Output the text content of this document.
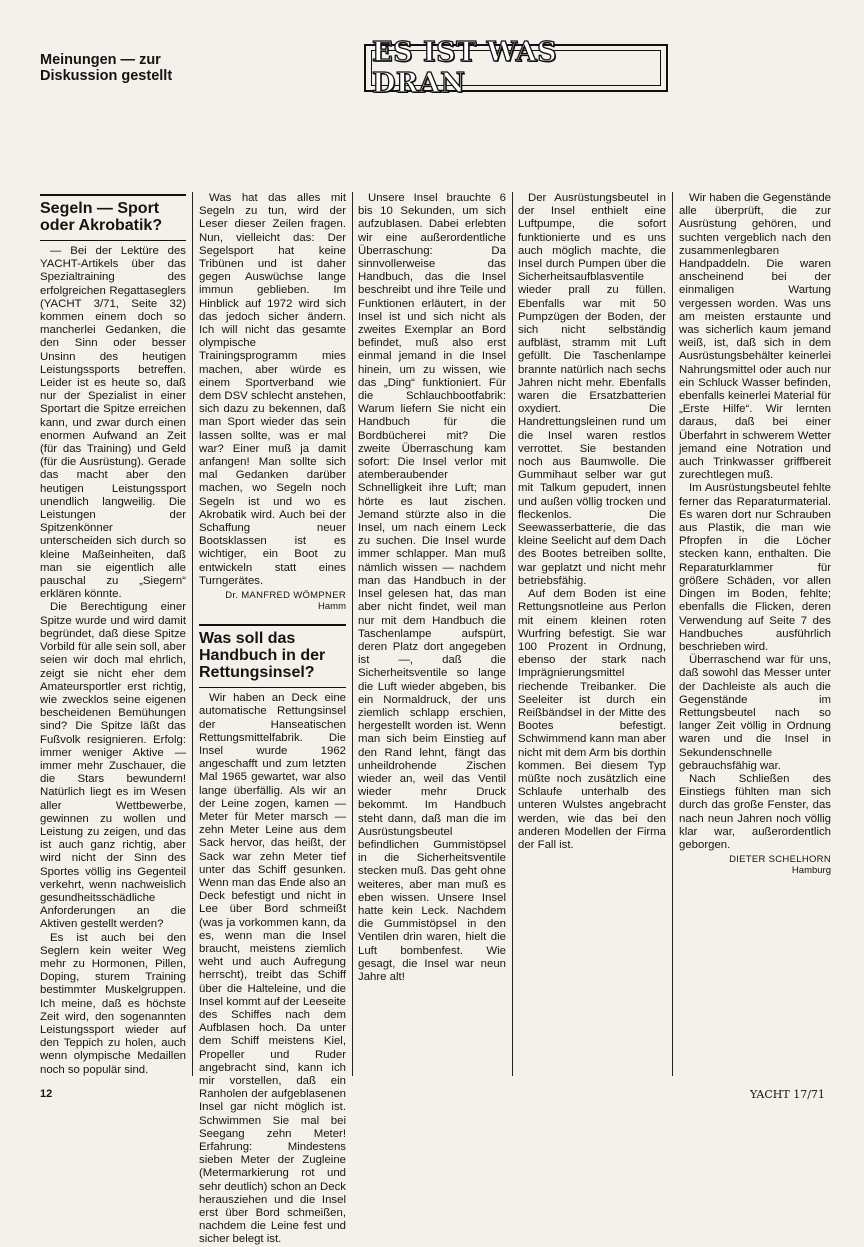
Meinungen — zur
Diskussion gestellt
ES IST WAS DRAN
Segeln — Sport
oder Akrobatik?

— Bei der Lektüre des YACHT-Artikels über das Spezialtraining des erfolgreichen Regattaseglers (YACHT 3/71, Seite 32) kommen einem doch so mancherlei Gedanken, die den Sinn oder besser Unsinn des heutigen Leistungssports betreffen. Leider ist es heute so, daß nur der Spezialist in einer Sportart die Spitze erreichen kann, und zwar durch einen enormen Aufwand an Zeit (für das Training) und Geld (für die Ausrüstung). Gerade das macht aber den heutigen Leistungssport unendlich langweilig. Die Leistungen der Spitzenkönner unterscheiden sich durch so kleine Maßeinheiten, daß man sie eigentlich alle pauschal zu „Siegern“ erklären könnte.

Die Berechtigung einer Spitze wurde und wird damit begründet, daß diese Spitze Vorbild für alle sein soll, aber seien wir doch mal ehrlich, zeigt sie nicht eher dem Amateursportler erst richtig, wie zwecklos seine eigenen bescheidenen Bemühungen sind? Die Spitze läßt das Fußvolk resignieren. Erfolg: immer weniger Aktive — immer mehr Zuschauer, die die Stars bewundern! Natürlich liegt es im Wesen aller Wettbewerbe, gewinnen zu wollen und Leistung zu zeigen, und das ist auch ganz richtig, aber wird nicht der Sinn des Sportes völlig ins Gegenteil verkehrt, wenn nachweislich gesundheitsschädliche Anforderungen an die Aktiven gestellt werden?

Es ist auch bei den Seglern kein weiter Weg mehr zu Hormonen, Pillen, Doping, sturem Training bestimmter Muskelgruppen. Ich meine, daß es höchste Zeit wird, den sogenannten Leistungssport wieder auf den Teppich zu holen, auch wenn olympische Medaillen noch so populär sind.

Was hat das alles mit Segeln zu tun, wird der Leser dieser Zeilen fragen. Nun, vielleicht das: Der Segelsport hat keine Tribünen und ist daher gegen Auswüchse lange immun geblieben. Im Hinblick auf 1972 wird sich das jedoch sicher ändern. Ich will nicht das gesamte olympische Trainingsprogramm mies machen, aber würde es einem Sportverband wie dem DSV schlecht anstehen, sich dazu zu bekennen, daß man Sport wieder das sein lassen sollte, was er mal war? Einer muß ja damit anfangen! Man sollte sich mal Gedanken darüber machen, wo Segeln noch Segeln ist und wo es Akrobatik wird. Auch bei der Schaffung neuer Bootsklassen ist es wichtiger, ein Boot zu entwickeln statt eines Turngerätes.

Dr. MANFRED WÖMPNER
Hamm
Was soll das
Handbuch in der
Rettungsinsel?

Wir haben an Deck eine automatische Rettungsinsel der Hanseatischen Rettungsmittelfabrik. Die Insel wurde 1962 angeschafft und zum letzten Mal 1965 gewartet, war also lange überfällig. Als wir an der Leine zogen, kamen — Meter für Meter marsch — zehn Meter Leine aus dem Sack hervor, das heißt, der Sack war zehn Meter tief unter das Schiff gesunken. Wenn man das Ende also an Deck befestigt und nicht in Lee über Bord schmeißt (was ja vorkommen kann, da es, wenn man die Insel braucht, meistens ziemlich weht und auch Aufregung herrscht), treibt das Schiff über die Halteleine, und die Insel kommt auf der Leeseite des Schiffes nach dem Aufblasen hoch. Da unter dem Schiff meistens Kiel, Propeller und Ruder angebracht sind, kann ich mir vorstellen, daß ein Ranholen der aufgeblasenen Insel gar nicht möglich ist. Schwimmen Sie mal bei Seegang zehn Meter! Erfahrung: Mindestens sieben Meter der Zugleine (Metermarkierung rot und sehr deutlich) schon an Deck herausziehen und die Insel erst über Bord schmeißen, nachdem die Leine fest und sicher belegt ist.

Unsere Insel brauchte 6 bis 10 Sekunden, um sich aufzublasen. Dabei erlebten wir eine außerordentliche Überraschung: Da sinnvollerweise das Handbuch, das die Insel beschreibt und ihre Teile und Funktionen erläutert, in der Insel ist und sich nicht als zweites Exemplar an Bord befindet, muß also erst einmal jemand in die Insel hinein, um zu wissen, wie das „Ding“ funktioniert. Für die Schlauchbootfabrik: Warum liefern Sie nicht ein Handbuch für die Bordbücherei mit? Die zweite Überraschung kam sofort: Die Insel verlor mit atemberaubender Schnelligkeit ihre Luft; man hörte es laut zischen. Jemand stürzte also in die Insel, um nach einem Leck zu suchen. Die Insel wurde immer schlapper. Man muß nämlich wissen — nachdem man das Handbuch in der Insel gelesen hat, das man aber nicht findet, weil man nur mit dem Handbuch die Taschenlampe aufspürt, deren Platz dort angegeben ist —, daß die Sicherheitsventile so lange die Luft wieder abgeben, bis ein Normaldruck, der uns ziemlich schlapp erschien, hergestellt worden ist. Wenn man sich beim Einstieg auf den Rand lehnt, fängt das unheildrohende Zischen wieder an, weil das Ventil wieder mehr Druck bekommt. Im Handbuch steht dann, daß man die im Ausrüstungsbeutel befindlichen Gummistöpsel in die Sicherheitsventile stecken muß. Das geht ohne weiteres, aber man muß es eben wissen. Unsere Insel hatte kein Leck. Nachdem die Gummistöpsel in den Ventilen drin waren, hielt die Luft bombenfest. Wie gesagt, die Insel war neun Jahre alt!

Der Ausrüstungsbeutel in der Insel enthielt eine Luftpumpe, die sofort funktionierte und es uns auch möglich machte, die Insel durch Pumpen über die Sicherheitsaufblasventile wieder prall zu füllen. Ebenfalls war mit 50 Pumpzügen der Boden, der sich nicht selbständig aufbläst, stramm mit Luft gefüllt. Die Taschenlampe brannte natürlich nach sechs Jahren nicht mehr. Ebenfalls waren die Ersatzbatterien oxydiert. Die Handrettungsleinen rund um die Insel waren restlos verrottet. Sie bestanden noch aus Baumwolle. Die Gummihaut selber war gut mit Talkum gepudert, innen und außen völlig trocken und fleckenlos. Die Seewasserbatterie, die das kleine Seelicht auf dem Dach des Bootes betreiben sollte, war geplatzt und nicht mehr betriebsfähig.

Auf dem Boden ist eine Rettungsnotleine aus Perlon mit einem kleinen roten Wurfring befestigt. Sie war 100 Prozent in Ordnung, ebenso der stark nach Imprägnierungsmittel riechende Treibanker. Die Seeleiter ist durch ein Reißbändsel in der Mitte des Bootes befestigt. Schwimmend kann man aber nicht mit dem Arm bis dorthin kommen. Bei diesem Typ müßte noch zusätzlich eine Schlaufe unterhalb des unteren Wulstes angebracht werden, wie das bei den anderen Modellen der Firma der Fall ist.

Wir haben die Gegenstände alle überprüft, die zur Ausrüstung gehören, und suchten vergeblich nach den zusammenlegbaren Handpaddeln. Die waren anscheinend bei der einmaligen Wartung vergessen worden. Was uns am meisten erstaunte und was sicherlich kaum jemand weiß, ist, daß sich in dem Ausrüstungsbehälter keinerlei Nahrungsmittel oder auch nur ein Schluck Wasser befinden, ebenfalls keinerlei Material für „Erste Hilfe“. Wir lernten daraus, daß bei einer Überfahrt in schwerem Wetter jemand eine Notration und auch Trinkwasser griffbereit zurechtlegen muß.

Im Ausrüstungsbeutel fehlte ferner das Reparaturmaterial. Es waren dort nur Schrauben aus Plastik, die man wie Pfropfen in die Löcher stecken kann, enthalten. Die Reparaturklammer für größere Schäden, vor allen Dingen im Boden, fehlte; ebenfalls die Flicken, deren Verwendung auf Seite 7 des Handbuches ausführlich beschrieben wird.

Überraschend war für uns, daß sowohl das Messer unter der Dachleiste als auch die Gegenstände im Rettungsbeutel nach so langer Zeit völlig in Ordnung waren und die Insel in Sekundenschnelle gebrauchsfähig war.

Nach Schließen des Einstiegs fühlten man sich durch das große Fenster, das nach neun Jahren noch völlig klar war, außerordentlich geborgen.

DIETER SCHELHORN
Hamburg
12	YACHT 17/71
